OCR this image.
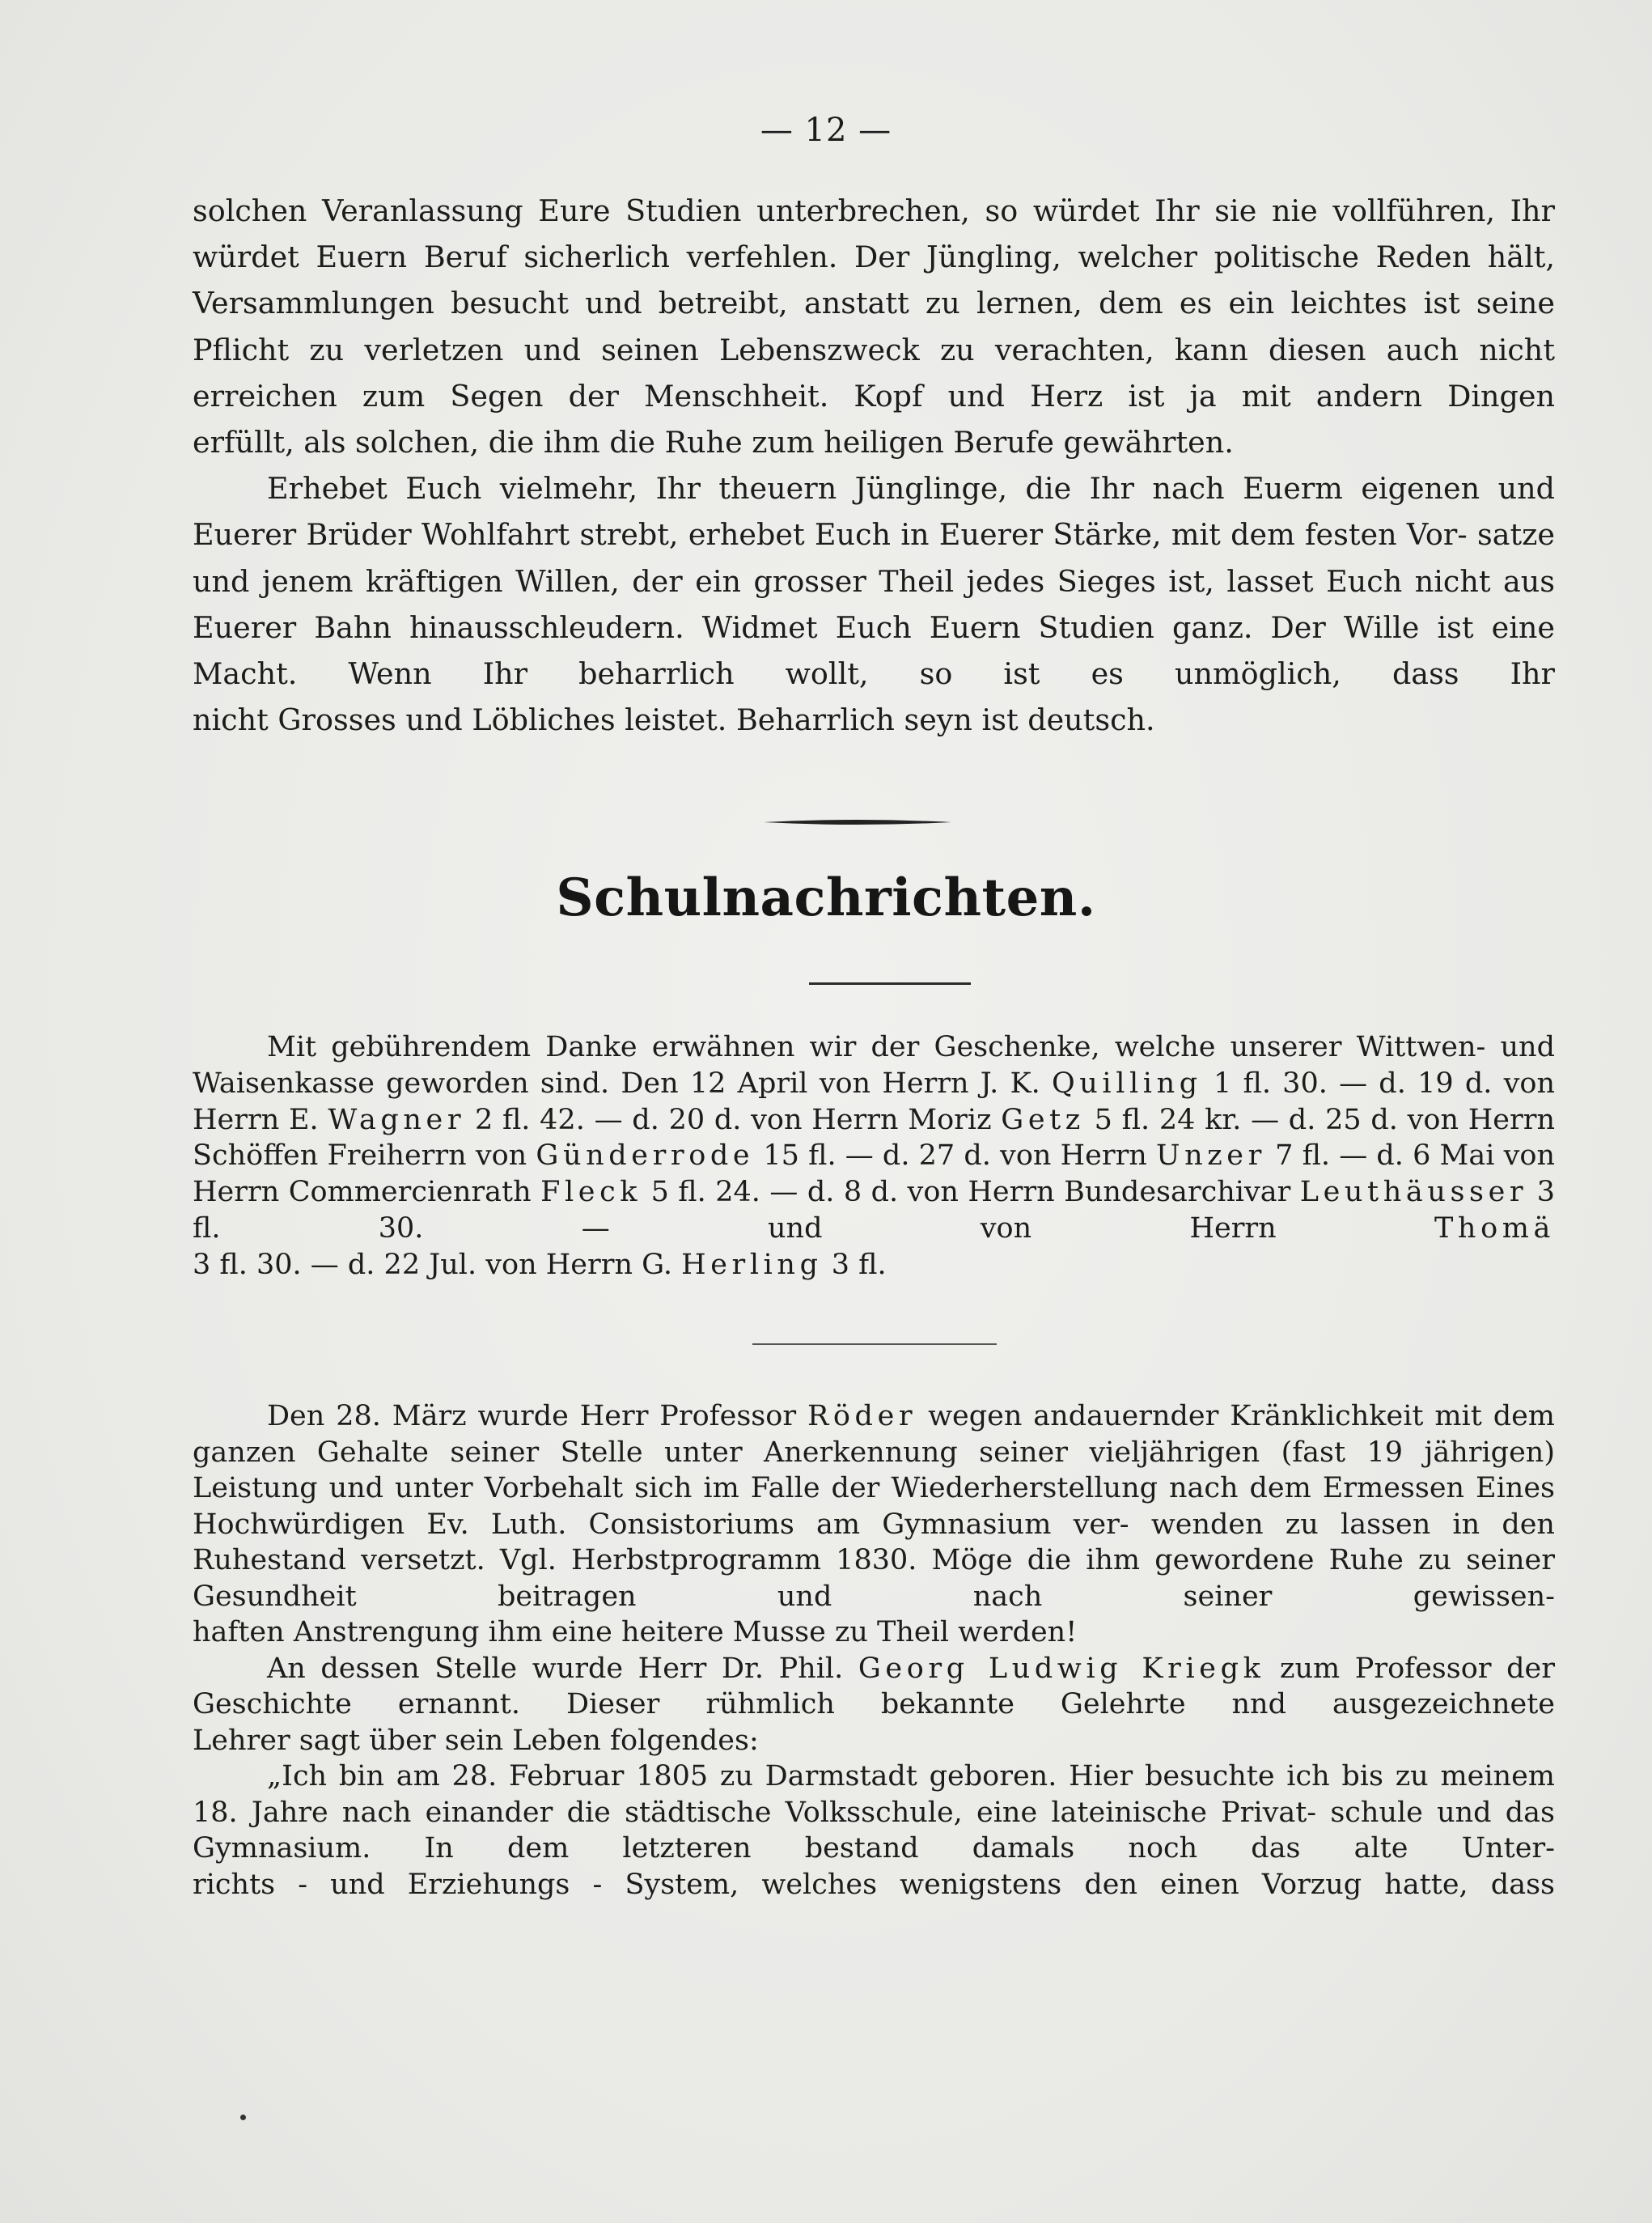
— 12 —

solchen Veranlassung Eure Studien unterbrechen, so würdet Ihr sie nie vollführen, Ihr würdet Euern Beruf sicherlich verfehlen. Der Jüngling, welcher politische Reden hält, Versammlungen besucht und betreibt, anstatt zu lernen, dem es ein leichtes ist seine Pflicht zu verletzen und seinen Lebenszweck zu verachten, kann diesen auch nicht erreichen zum Segen der Menschheit. Kopf und Herz ist ja mit andern Dingen

erfüllt, als solchen, die ihm die Ruhe zum heiligen Berufe gewährten.

Erhebet Euch vielmehr, Ihr theuern Jünglinge, die Ihr nach Euerm eigenen und Euerer Brüder Wohlfahrt strebt, erhebet Euch in Euerer Stärke, mit dem festen Vor- satze und jenem kräftigen Willen, der ein grosser Theil jedes Sieges ist, lasset Euch nicht aus Euerer Bahn hinausschleudern. Widmet Euch Euern Studien ganz. Der Wille ist eine Macht. Wenn Ihr beharrlich wollt, so ist es unmöglich, dass Ihr

nicht Grosses und Löbliches leistet. Beharrlich seyn ist deutsch.

Schulnachrichten.

Mit gebührendem Danke erwähnen wir der Geschenke, welche unserer Wittwen- und Waisenkasse geworden sind. Den 12 April von Herrn J. K. Quilling 1 fl. 30. — d. 19 d. von Herrn E. Wagner 2 fl. 42. — d. 20 d. von Herrn Moriz Getz 5 fl. 24 kr. — d. 25 d. von Herrn Schöffen Freiherrn von Günderrode 15 fl. — d. 27 d. von Herrn Unzer 7 fl. — d. 6 Mai von Herrn Commercienrath Fleck 5 fl. 24. — d. 8 d. von Herrn Bundesarchivar Leuthäusser 3 fl. 30. — und von Herrn Thomä

3 fl. 30. — d. 22 Jul. von Herrn G. Herling 3 fl.

Den 28. März wurde Herr Professor Röder wegen andauernder Kränklichkeit mit dem ganzen Gehalte seiner Stelle unter Anerkennung seiner vieljährigen (fast 19 jährigen) Leistung und unter Vorbehalt sich im Falle der Wiederherstellung nach dem Ermessen Eines Hochwürdigen Ev. Luth. Consistoriums am Gymnasium ver- wenden zu lassen in den Ruhestand versetzt. Vgl. Herbstprogramm 1830. Möge die ihm gewordene Ruhe zu seiner Gesundheit beitragen und nach seiner gewissen-

haften Anstrengung ihm eine heitere Musse zu Theil werden!

An dessen Stelle wurde Herr Dr. Phil. Georg Ludwig Kriegk zum Professor der Geschichte ernannt. Dieser rühmlich bekannte Gelehrte nnd ausgezeichnete

Lehrer sagt über sein Leben folgendes:

„Ich bin am 28. Februar 1805 zu Darmstadt geboren. Hier besuchte ich bis zu meinem 18. Jahre nach einander die städtische Volksschule, eine lateinische Privat- schule und das Gymnasium. In dem letzteren bestand damals noch das alte Unter-

richts - und Erziehungs - System, welches wenigstens den einen Vorzug hatte, dass
